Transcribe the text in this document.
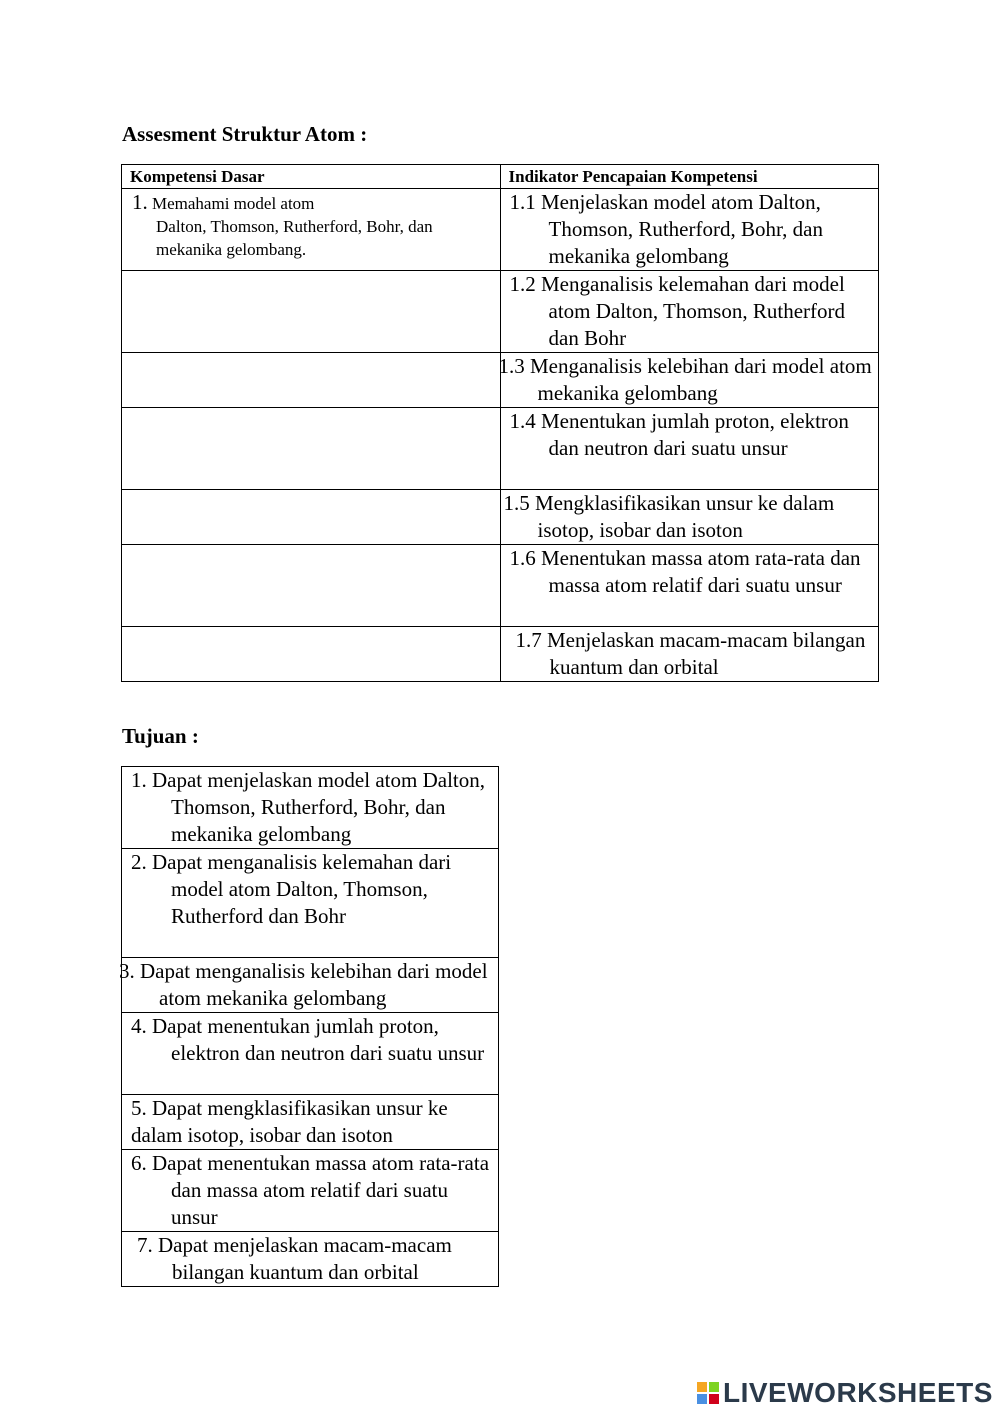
Assesment Struktur Atom :
Kompetensi Dasar	Indikator Pencapaian Kompetensi
1. Memahami model atom
Dalton, Thomson, Rutherford, Bohr, dan mekanika gelombang.	1.1 Menjelaskan model atom Dalton, Thomson, Rutherford, Bohr, dan mekanika gelombang
	1.2 Menganalisis kelemahan dari model atom Dalton, Thomson, Rutherford dan Bohr
	1.3 Menganalisis kelebihan dari model atom mekanika gelombang
	1.4 Menentukan jumlah proton, elektron dan neutron dari suatu unsur
	1.5 Mengklasifikasikan unsur ke dalam isotop, isobar dan isoton
	1.6 Menentukan massa atom rata-rata dan massa atom relatif dari suatu unsur
	1.7 Menjelaskan macam-macam bilangan kuantum dan orbital
Tujuan :
1. Dapat menjelaskan model atom Dalton, Thomson, Rutherford, Bohr, dan mekanika gelombang
2. Dapat menganalisis kelemahan dari model atom Dalton, Thomson, Rutherford dan Bohr
3. Dapat menganalisis kelebihan dari model atom mekanika gelombang
4. Dapat menentukan jumlah proton, elektron dan neutron dari suatu unsur
5. Dapat mengklasifikasikan unsur ke dalam isotop, isobar dan isoton
6. Dapat menentukan massa atom rata-rata dan massa atom relatif dari suatu unsur
7. Dapat menjelaskan macam-macam bilangan kuantum dan orbital
LIVEWORKSHEETS
